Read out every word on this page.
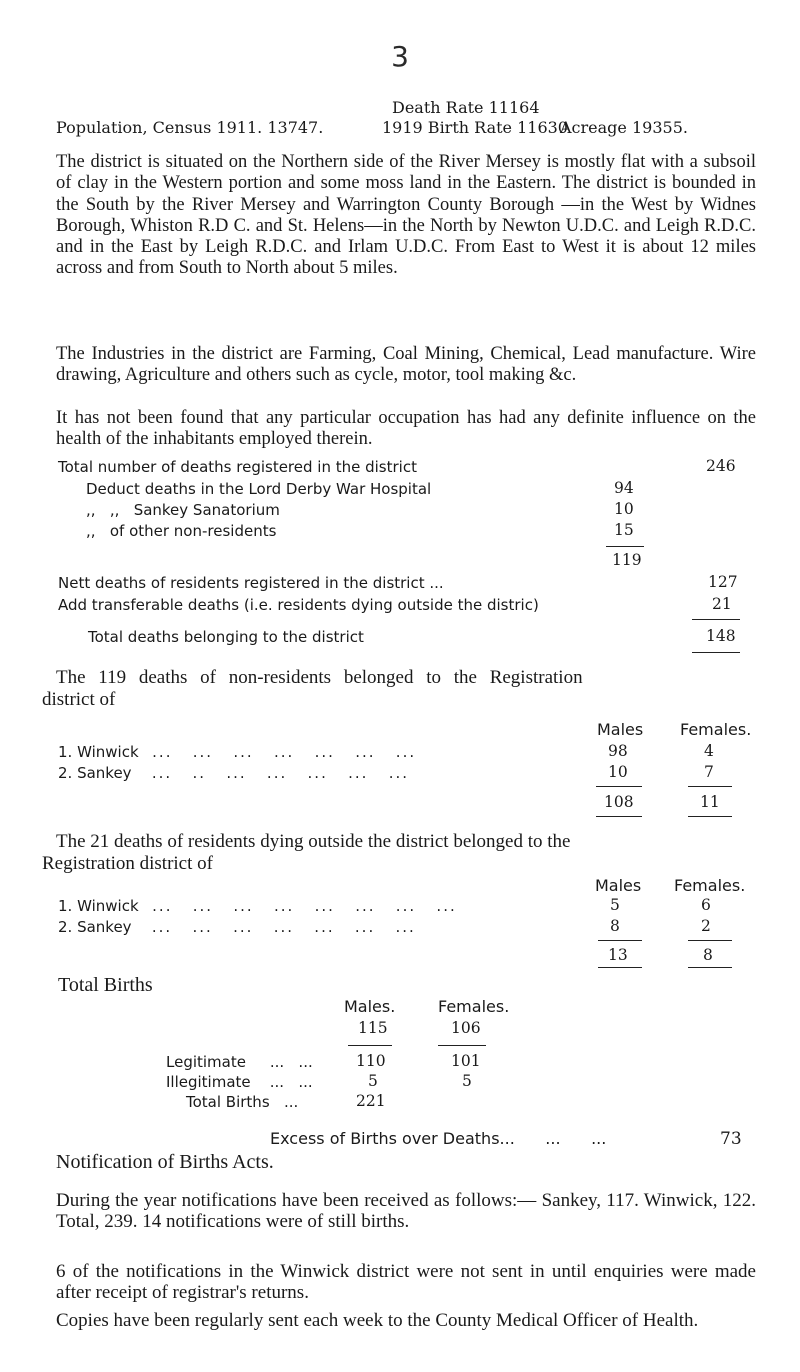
3
Death Rate 11164
Population, Census 1911. 13747.	1919 Birth Rate 11630
Acreage 19355.
The district is situated on the Northern side of the River Mersey is mostly flat with a subsoil of clay in the Western portion and some moss land in the Eastern. The district is bounded in the South by the River Mersey and Warrington County Borough —in the West by Widnes Borough, Whiston R.D C. and St. Helens—in the North by Newton U.D.C. and Leigh R.D.C. and in the East by Leigh R.D.C. and Irlam U.D.C. From East to West it is about 12 miles across and from South to North about 5 miles.
The Industries in the district are Farming, Coal Mining, Chemical, Lead manufacture. Wire drawing, Agriculture and others such as cycle, motor, tool making &c.
It has not been found that any particular occupation has had any definite influence on the health of the inhabitants employed therein.
Total number of deaths registered in the district	246
Deduct deaths in the Lord Derby War Hospital	94
,,   ,,   Sankey Sanatorium	10
,,   of other non-residents	15
119
Nett deaths of residents registered in the district ...	127
Add transferable deaths (i.e. residents dying outside the distric)	21
Total deaths belonging to the district	148
The 119 deaths of non-residents belonged to the Registration
district of
Males Females.
1. Winwick  ...   ...   ...   ...   ...   ...   ...	98	4
2. Sankey   ...   ..   ...   ...   ...   ...   ...	10	7
108	11
The 21 deaths of residents dying outside the district belonged to the
Registration district of
Males Females.
1. Winwick  ...   ...   ...   ...   ...   ...   ...   ...	5	6
2. Sankey   ...   ...   ...   ...   ...   ...   ...	8	2
13	8
Total Births
Males.	Females.
115	106
Legitimate     ...   ...	110	101
Illegitimate    ...   ...	5	5
Total Births   ...	221
Excess of Births over Deaths...      ...      ...	73
Notification of Births Acts.
During the year notifications have been received as follows:— Sankey, 117. Winwick, 122. Total, 239. 14 notifications were of still births.
6 of the notifications in the Winwick district were not sent in until enquiries were made after receipt of registrar's returns.
Copies have been regularly sent each week to the County Medical Officer of Health.
